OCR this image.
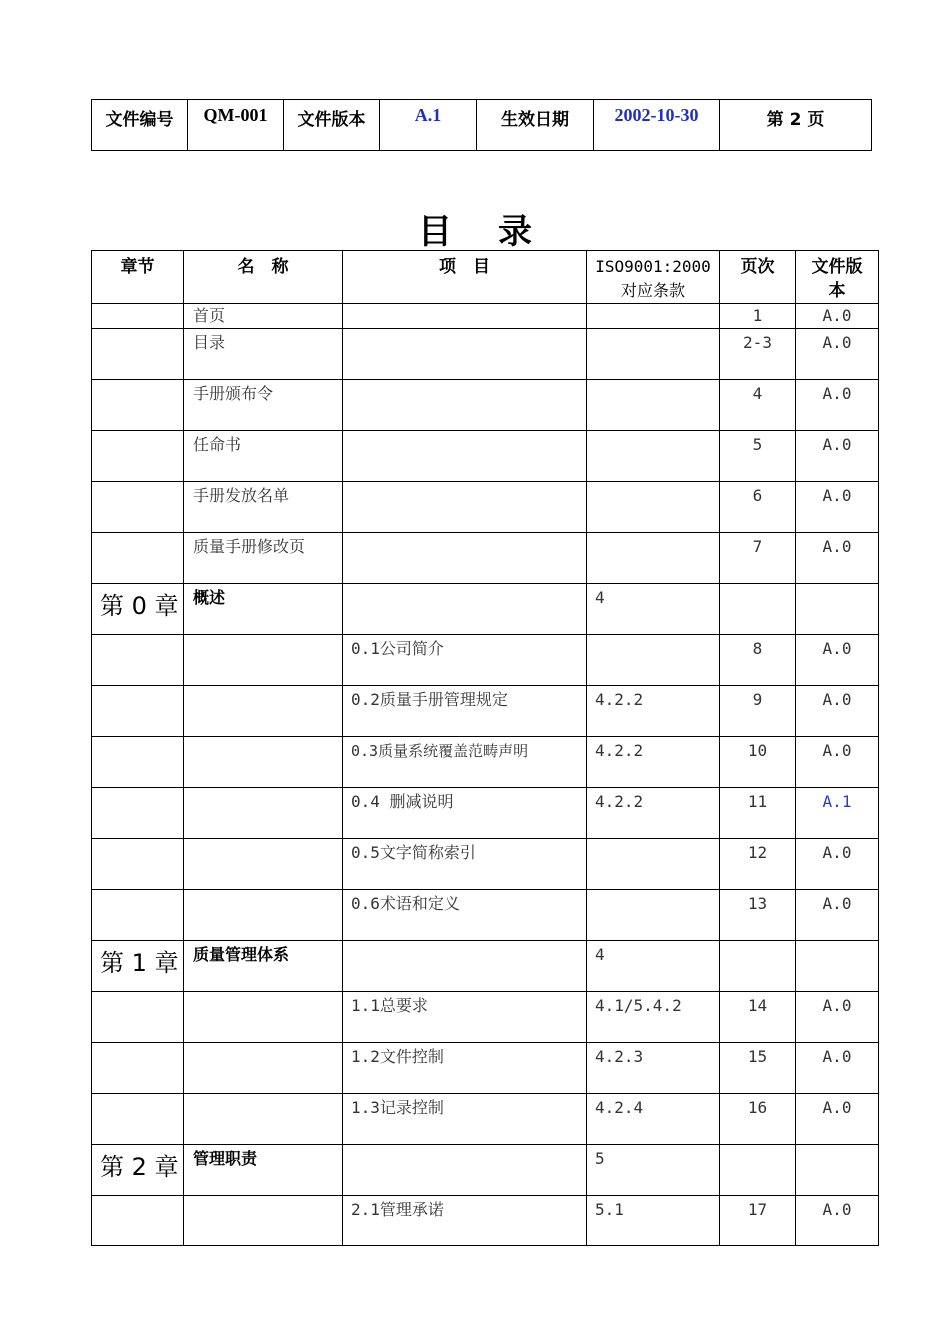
文件编号	QM-001	文件版本	A.1	生效日期	2002-10-30	第 2 页
目录
章节	名　称	项　目	ISO9001:2000对应条款	页次	文件版本

	首页			1	A.0
	目录			2-3	A.0
	手册颁布令			4	A.0
	任命书			5	A.0
	手册发放名单			6	A.0
	质量手册修改页			7	A.0
第 0 章	概述		4		
		0.1公司简介		8	A.0
		0.2质量手册管理规定	4.2.2	9	A.0
		0.3质量系统覆盖范畴声明	4.2.2	10	A.0
		0.4 删减说明	4.2.2	11	A.1
		0.5文字简称索引		12	A.0
		0.6术语和定义		13	A.0
第 1 章	质量管理体系		4		
		1.1总要求	4.1/5.4.2	14	A.0
		1.2文件控制	4.2.3	15	A.0
		1.3记录控制	4.2.4	16	A.0
第 2 章	管理职责		5		
		2.1管理承诺	5.1	17	A.0
